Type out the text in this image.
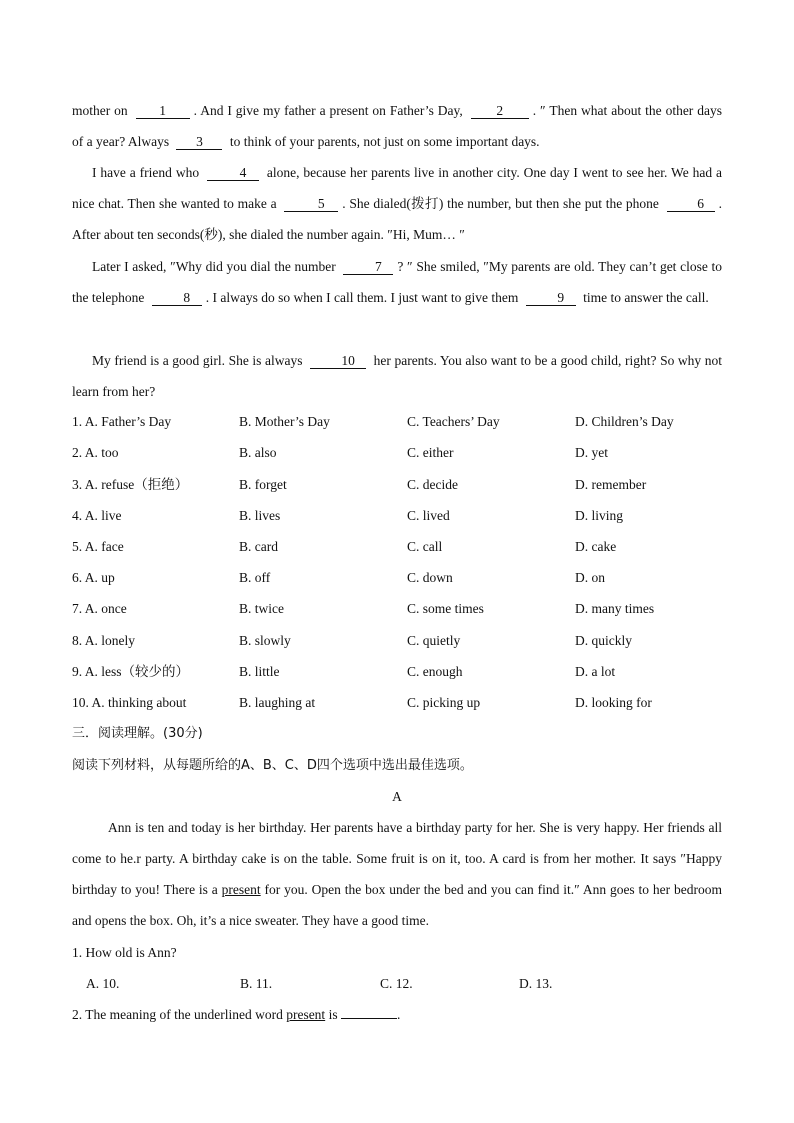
mother on 1 . And I give my father a present on Father’s Day, 2 . ″ Then what about the other days of a year? Always 3 to think of your parents, not just on some important days.

I have a friend who	4 alone, because her parents live in another city. One day I went to see her. We had a nice chat. Then she wanted to make a	5 . She dialed(拨打) the number, but then she put the phone	6 . After about ten seconds(秒), she dialed the number again. ″Hi, Mum… ″

Later I asked, ″Why did you dial the number	7 ? ″ She smiled, ″My parents are old. They can’t get close to the telephone	8 . I always do so when I call them. I just want to give them	9 time to answer the call.

My friend is a good girl. She is always	10 her parents. You also want to be a good child, right? So why not learn from her?

1. A. Father’s Day	B. Mother’s Day	C. Teachers’ Day	D. Children’s Day
2. A. too	B. also	C. either	D. yet
3. A. refuse（拒绝）	B. forget	C. decide	D. remember
4. A. live	B. lives	C. lived	D. living
5. A. face	B. card	C. call	D. cake
6. A. up	B. off	C. down	D. on
7. A. once	B. twice	C. some times	D. many times
8. A. lonely	B. slowly	C. quietly	D. quickly
9. A. less（较少的）	B. little	C. enough	D. a lot
10. A. thinking about	B. laughing at	C. picking up	D. looking for
三．阅读理解。(30分)
阅读下列材料，从每题所给的A、B、C、D四个选项中选出最佳选项。
A

Ann is ten and today is her birthday. Her parents have a birthday party for her. She is very happy. Her friends all come to he.r party. A birthday cake is on the table. Some fruit is on it, too. A card is from her mother. It says ″Happy birthday to you! There is a present for you. Open the box under the bed and you can find it.″ Ann goes to her bedroom and opens the box. Oh, it’s a nice sweater. They have a good time.

1. How old is Ann?
A. 10.	B. 11.	C. 12.	D. 13.
2. The meaning of the underlined word present is	.
